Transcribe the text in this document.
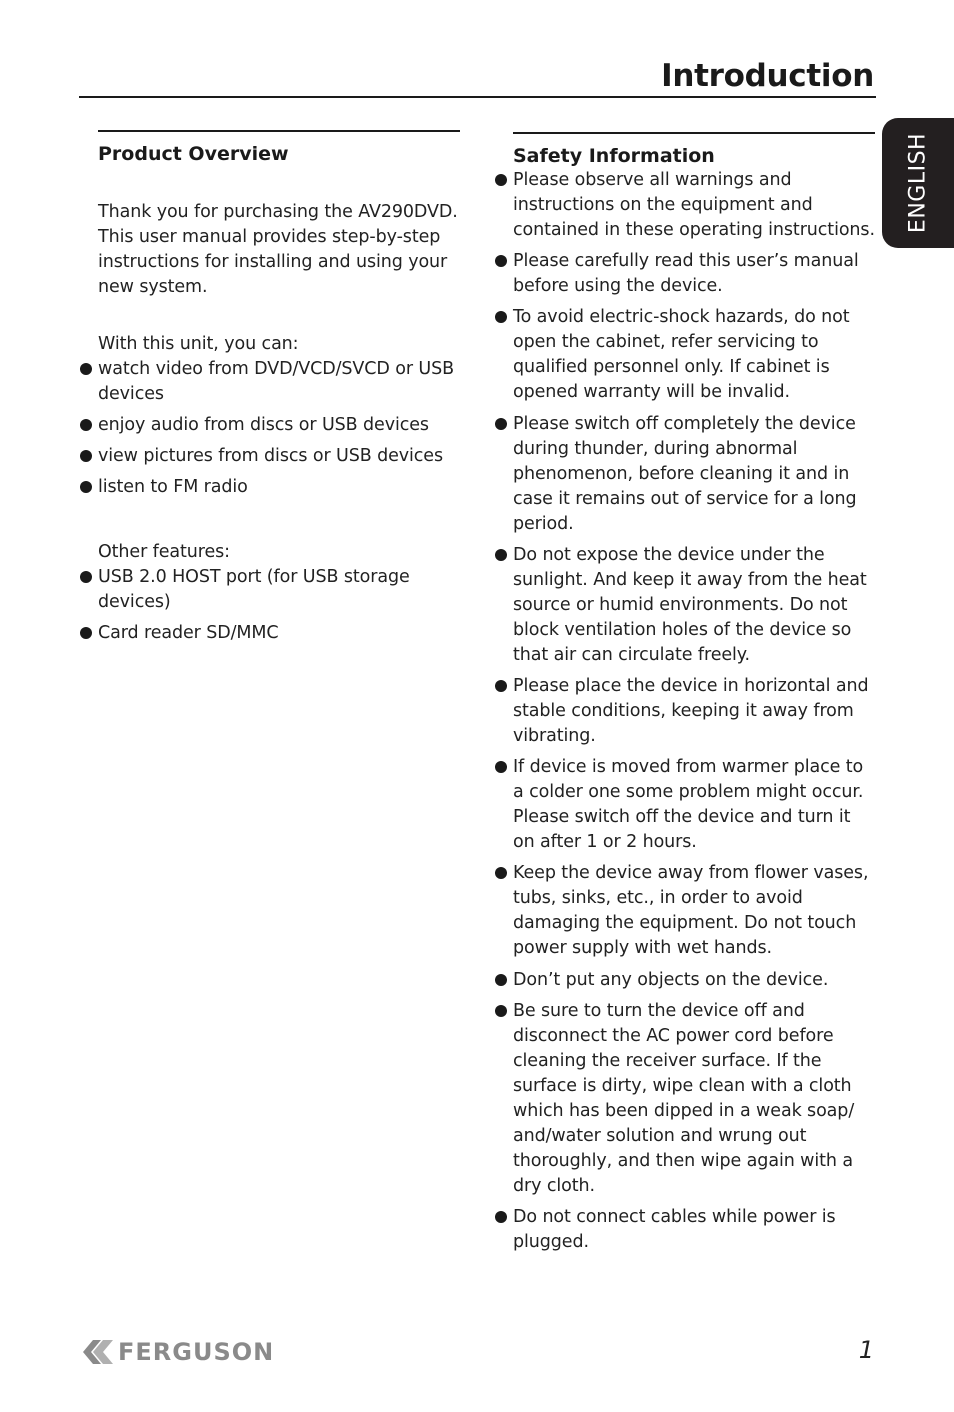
Introduction
ENGLISH
Product Overview

Thank you for purchasing the AV290DVD. This user manual provides step-by-step instructions for installing and using your new system.

With this unit, you can:

watch video from DVD/VCD/SVCD or USB devices
enjoy audio from discs or USB devices
view pictures from discs or USB devices
listen to FM radio

Other features:

USB 2.0 HOST port (for USB storage devices)
Card reader SD/MMC
Safety Information
Please observe all warnings and instructions on the equipment and contained in these operating instructions.
Please carefully read this user’s manual before using the device.
To avoid electric-shock hazards, do not open the cabinet, refer servicing to qualified personnel only. If cabinet is opened warranty will be invalid.
Please switch off completely the device during thunder, during abnormal phenomenon, before cleaning it and in case it remains out of service for a long period.
Do not expose the device under the sunlight. And keep it away from the heat source or humid environments. Do not block ventilation holes of the device so that air can circulate freely.
Please place the device in horizontal and stable conditions, keeping it away from vibrating.
If device is moved from warmer place to a colder one some problem might occur. Please switch off the device and turn it on after 1 or 2 hours.
Keep the device away from flower vases, tubs, sinks, etc., in order to avoid damaging the equipment. Do not touch power supply with wet hands.
Don’t put any objects on the device.
Be sure to turn the device off and disconnect the AC power cord before cleaning the receiver surface. If the surface is dirty, wipe clean with a cloth which has been dipped in a weak soap/ and/water solution and wrung out thoroughly, and then wipe again with a dry cloth.
Do not connect cables while power is plugged.
FERGUSON	1
